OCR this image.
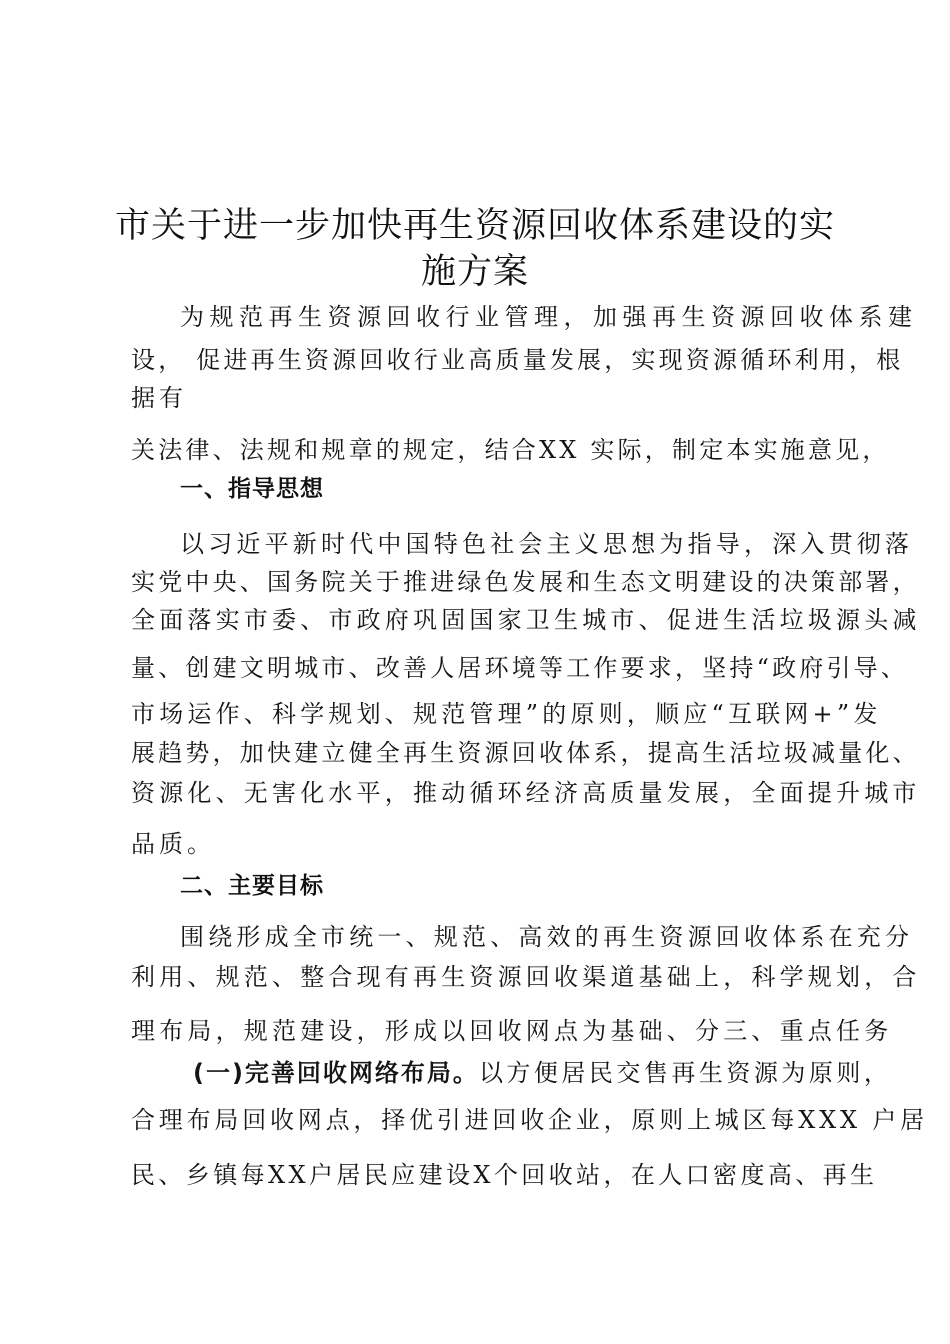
市关于进一步加快再生资源回收体系建设的实
施方案
为规范再生资源回收行业管理，加强再生资源回收体系建
设， 促进再生资源回收行业高质量发展，实现资源循环利用，根
据有
关法律、法规和规章的规定，结合XX 实际，制定本实施意见，
一、指导思想
以习近平新时代中国特色社会主义思想为指导，深入贯彻落
实党中央、国务院关于推进绿色发展和生态文明建设的决策部署，
全面落实市委、市政府巩固国家卫生城市、促进生活垃圾源头减
量、创建文明城市、改善人居环境等工作要求，坚持“政府引导、
市场运作、科学规划、规范管理”的原则，顺应“互联网+”发
展趋势，加快建立健全再生资源回收体系，提高生活垃圾减量化、
资源化、无害化水平，推动循环经济高质量发展，全面提升城市
品质。
二、主要目标
围绕形成全市统一、规范、高效的再生资源回收体系在充分
利用、规范、整合现有再生资源回收渠道基础上，科学规划，合
理布局，规范建设，形成以回收网点为基础、分三、重点任务
(一)完善回收网络布局。以方便居民交售再生资源为原则，
合理布局回收网点，择优引进回收企业，原则上城区每XXX 户居
民、乡镇每XX户居民应建设X个回收站，在人口密度高、再生
